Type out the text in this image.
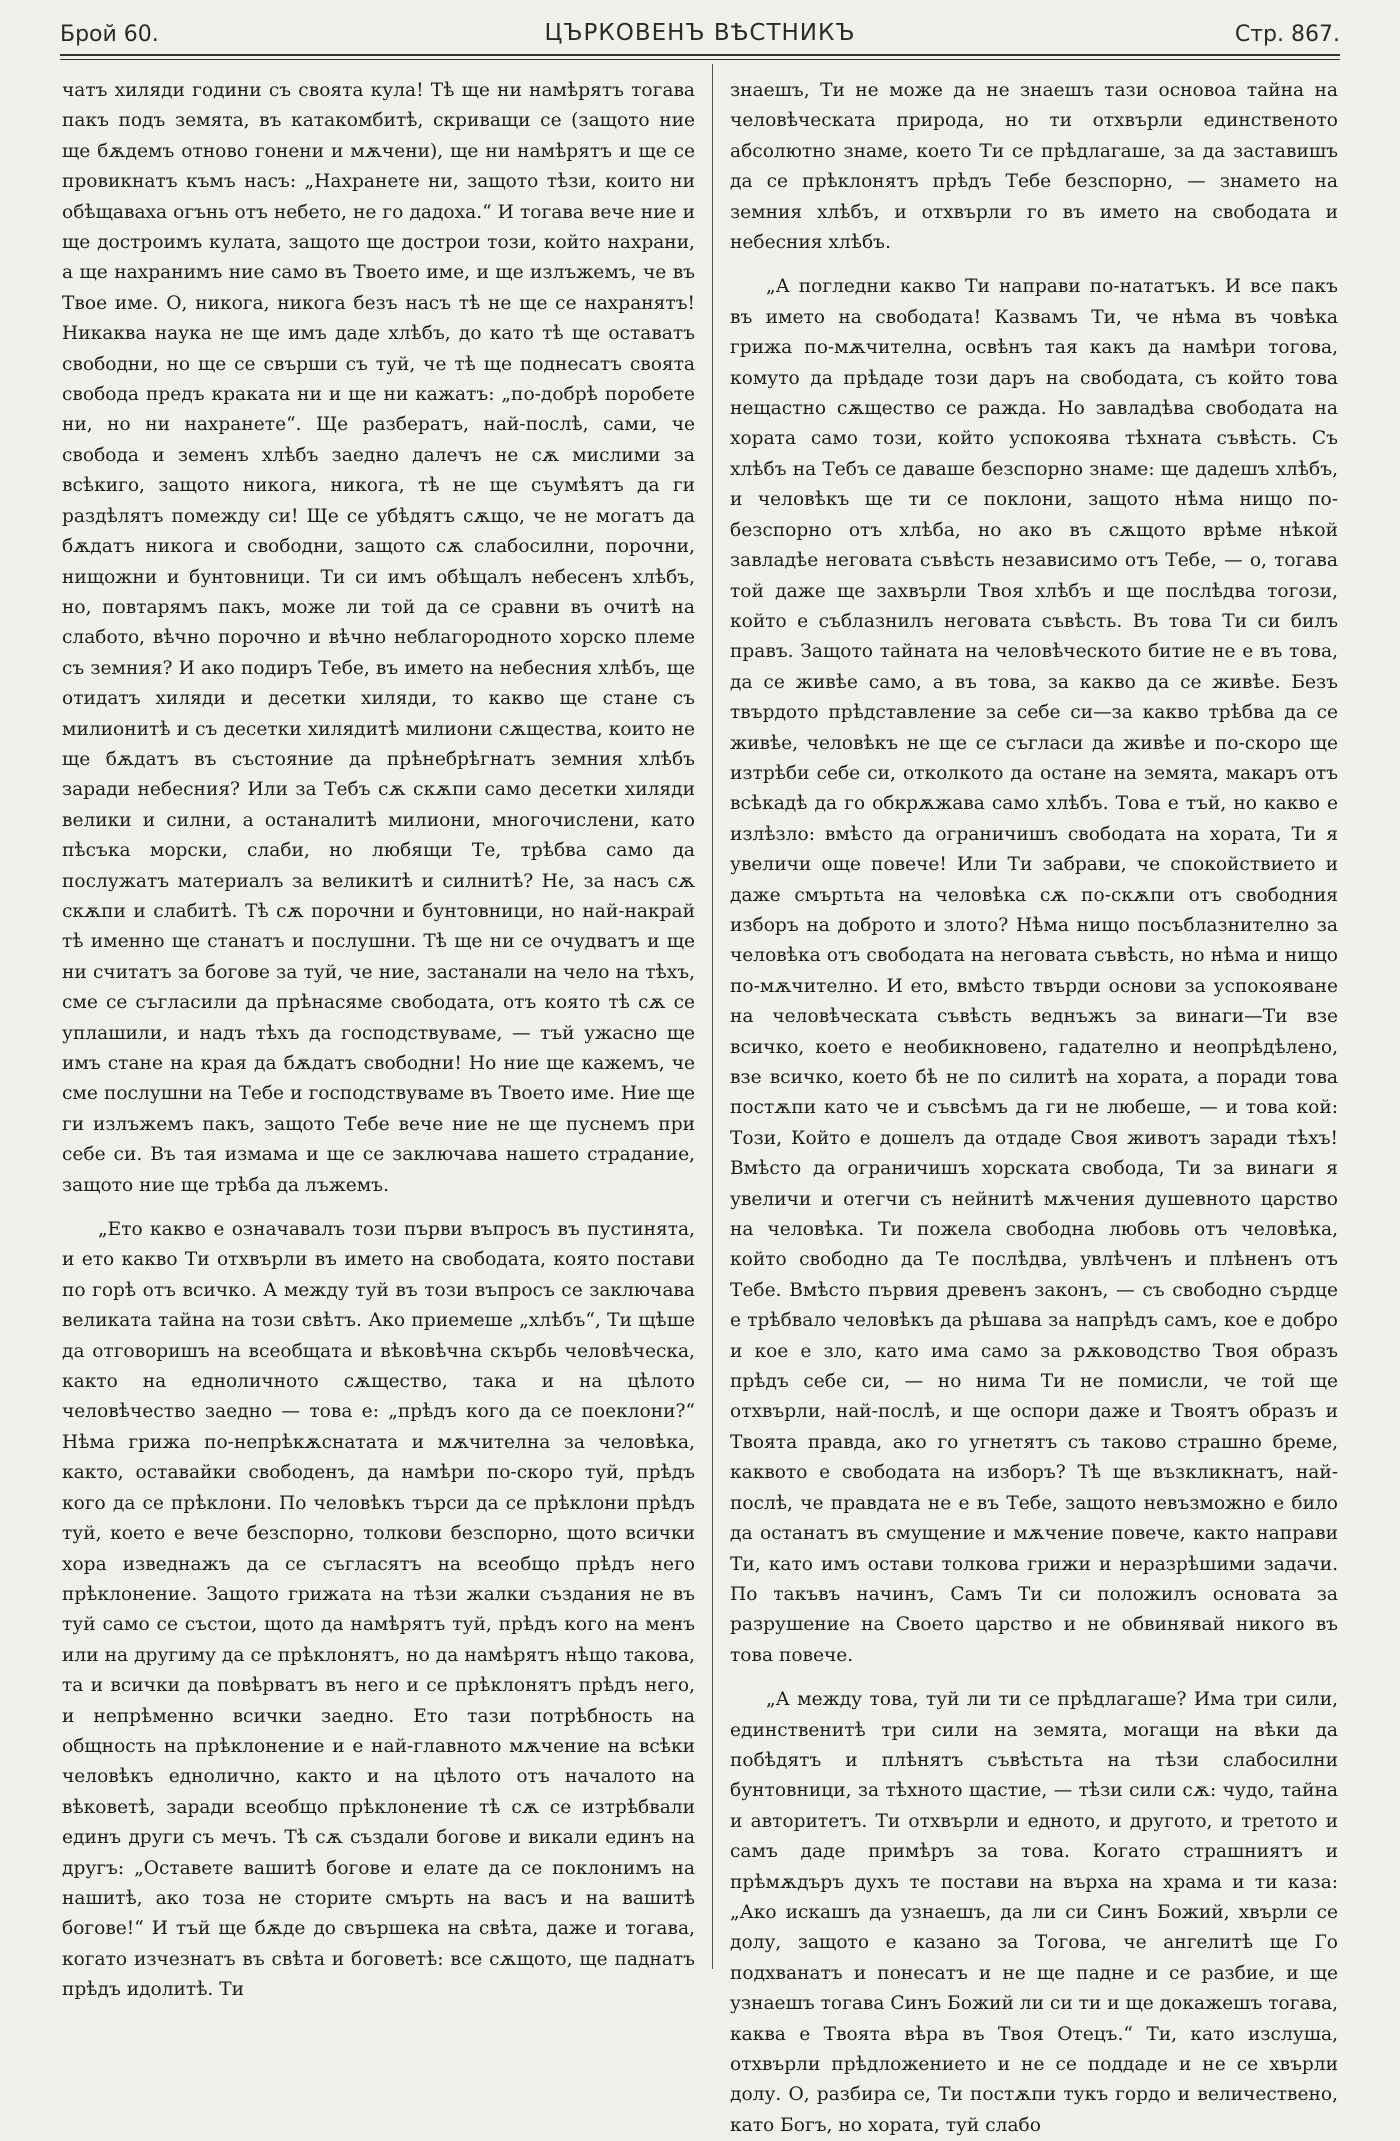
Брой 60.	ЦЪРКОВЕНЪ ВѢСТНИКЪ	Стр. 867.

чатъ хиляди години съ своята кула! Тѣ ще ни намѣрятъ тогава пакъ подъ земята, въ катакомбитѣ, скриващи се (защото ние ще бѫдемъ отново гонени и мѫчени), ще ни намѣрятъ и ще се провикнатъ къмъ насъ: „Нахранете ни, защото тѣзи, които ни обѣщаваха огънь отъ небето, не го дадоха.“ И тогава вече ние и ще достроимъ кулата, защото ще дострои този, който нахрани, а ще нахранимъ ние само въ Твоето име, и ще излъжемъ, че въ Твое име. О, никога, никога безъ насъ тѣ не ще се нахранятъ! Никаква наука не ще имъ даде хлѣбъ, до като тѣ ще оставатъ свободни, но ще се свърши съ туй, че тѣ ще поднесатъ своята свобода предъ краката ни и ще ни кажатъ: „по-добрѣ поробете ни, но ни нахранете“. Ще разбератъ, най-послѣ, сами, че свобода и земенъ хлѣбъ заедно далечъ не сѫ мислими за всѣкиго, защото никога, никога, тѣ не ще съумѣятъ да ги раздѣлятъ помежду си! Ще се убѣдятъ сѫщо, че не могатъ да бѫдатъ никога и свободни, защото сѫ слабосилни, порочни, нищожни и бунтовници. Ти си имъ обѣщалъ небесенъ хлѣбъ, но, повтарямъ пакъ, може ли той да се сравни въ очитѣ на слабото, вѣчно порочно и вѣчно неблагородното хорско племе съ земния? И ако подиръ Тебе, въ името на небесния хлѣбъ, ще отидатъ хиляди и десетки хиляди, то какво ще стане съ милионитѣ и съ десетки хилядитѣ милиони сѫщества, които не ще бѫдатъ въ състояние да прѣнебрѣгнатъ земния хлѣбъ заради небесния? Или за Тебъ сѫ скѫпи само десетки хиляди велики и силни, а останалитѣ милиони, многочислени, като пѣсъка морски, слаби, но любящи Те, трѣбва само да послужатъ материалъ за великитѣ и силнитѣ? Не, за насъ сѫ скѫпи и слабитѣ. Тѣ сѫ порочни и бунтовници, но най-накрай тѣ именно ще станатъ и послушни. Тѣ ще ни се очудватъ и ще ни считатъ за богове за туй, че ние, застанали на чело на тѣхъ, сме се съгласили да прѣнасяме свободата, отъ която тѣ сѫ се уплашили, и надъ тѣхъ да господствуваме, — тъй ужасно ще имъ стане на края да бѫдатъ свободни! Но ние ще кажемъ, че сме послушни на Тебе и господствуваме въ Твоето име. Ние ще ги излъжемъ пакъ, защото Тебе вече ние не ще пуснемъ при себе си. Въ тая измама и ще се заключава нашето страдание, защото ние ще трѣба да лъжемъ.

„Ето какво е означавалъ този първи въпросъ въ пустинята, и ето какво Ти отхвърли въ името на свободата, която постави по горѣ отъ всичко. А между туй въ този въпросъ се заключава великата тайна на този свѣтъ. Ако приемеше „хлѣбъ“, Ти щѣше да отговоришъ на всеобщата и вѣковѣчна скърбь человѣческа, както на едноличното сѫщество, така и на цѣлото человѣчество заедно — това е: „прѣдъ кого да се поеклони?“ Нѣма грижа по-непрѣкѫснатата и мѫчителна за человѣка, както, оставайки свободенъ, да намѣри по-скоро туй, прѣдъ кого да се прѣклони. По человѣкъ търси да се прѣклони прѣдъ туй, което е вече безспорно, толкови безспорно, щото всички хора изведнажъ да се съгласятъ на всеобщо прѣдъ него прѣклонение. Защото грижата на тѣзи жалки създания не въ туй само се състои, щото да намѣрятъ туй, прѣдъ кого на менъ или на другиму да се прѣклонятъ, но да намѣрятъ нѣщо такова, та и всички да повѣрватъ въ него и се прѣклонятъ прѣдъ него, и непрѣменно всички заедно. Ето тази потрѣбность на общность на прѣклонение и е най-главното мѫчение на всѣки человѣкъ еднолично, както и на цѣлото отъ началото на вѣковетѣ, заради всеобщо прѣклонение тѣ сѫ се изтрѣбвали единъ други съ мечъ. Тѣ сѫ създали богове и викали единъ на другъ: „Оставете вашитѣ богове и елате да се поклонимъ на нашитѣ, ако тоза не сторите смърть на васъ и на вашитѣ богове!“ И тъй ще бѫде до свършека на свѣта, даже и тогава, когато изчезнатъ въ свѣта и боговетѣ: все сѫщото, ще паднатъ прѣдъ идолитѣ. Ти

знаешъ, Ти не може да не знаешъ тази основоа тайна на человѣческата природа, но ти отхвърли единственото абсолютно знаме, което Ти се прѣдлагаше, за да заставишъ да се прѣклонятъ прѣдъ Тебе безспорно, — знамето на земния хлѣбъ, и отхвърли го въ името на свободата и небесния хлѣбъ.

„А погледни какво Ти направи по-нататъкъ. И все пакъ въ името на свободата! Казвамъ Ти, че нѣма въ човѣка грижа по-мѫчителна, освѣнъ тая какъ да намѣри тогова, комуто да прѣдаде този даръ на свободата, съ който това нещастно сѫщество се ражда. Но завладѣва свободата на хората само този, който успокоява тѣхната съвѣсть. Съ хлѣбъ на Тебъ се даваше безспорно знаме: ще дадешъ хлѣбъ, и человѣкъ ще ти се поклони, защото нѣма нищо по-безспорно отъ хлѣба, но ако въ сѫщото врѣме нѣкой завладѣе неговата съвѣсть независимо отъ Тебе, — о, тогава той даже ще захвърли Твоя хлѣбъ и ще послѣдва тогози, който е съблазнилъ неговата съвѣсть. Въ това Ти си билъ правъ. Защото тайната на человѣческото битие не е въ това, да се живѣе само, а въ това, за какво да се живѣе. Безъ твърдото прѣдставление за себе си—за какво трѣбва да се живѣе, человѣкъ не ще се съгласи да живѣе и по-скоро ще изтрѣби себе си, отколкото да остане на земята, макаръ отъ всѣкадѣ да го обкрѫжава само хлѣбъ. Това е тъй, но какво е излѣзло: вмѣсто да ограничишъ свободата на хората, Ти я увеличи още повече! Или Ти забрави, че спокойствието и даже смъртьта на человѣка сѫ по-скѫпи отъ свободния изборъ на доброто и злото? Нѣма нищо посъблазнително за человѣка отъ свободата на неговата съвѣсть, но нѣма и нищо по-мѫчително. И ето, вмѣсто твърди основи за успокояване на человѣческата съвѣсть веднъжъ за винаги—Ти взе всичко, което е необикновено, гадателно и неопрѣдѣлено, взе всичко, което бѣ не по силитѣ на хората, а поради това постѫпи като че и съвсѣмъ да ги не любеше, — и това кой: Този, Който е дошелъ да отдаде Своя животъ заради тѣхъ! Вмѣсто да ограничишъ хорската свобода, Ти за винаги я увеличи и отегчи съ нейнитѣ мѫчения душевното царство на человѣка. Ти пожела свободна любовь отъ человѣка, който свободно да Те послѣдва, увлѣченъ и плѣненъ отъ Тебе. Вмѣсто първия древенъ законъ, — съ свободно сърдце е трѣбвало человѣкъ да рѣшава за напрѣдъ самъ, кое е добро и кое е зло, като има само за рѫководство Твоя образъ прѣдъ себе си, — но нима Ти не помисли, че той ще отхвърли, най-послѣ, и ще оспори даже и Твоятъ образъ и Твоята правда, ако го угнетятъ съ таково страшно бреме, каквото е свободата на изборъ? Тѣ ще възкликнатъ, най-послѣ, че правдата не е въ Тебе, защото невъзможно е било да останатъ въ смущение и мѫчение повече, както направи Ти, като имъ остави толкова грижи и неразрѣшими задачи. По такъвъ начинъ, Самъ Ти си положилъ основата за разрушение на Своето царство и не обвинявай никого въ това повече.

„А между това, туй ли ти се прѣдлагаше? Има три сили, единственитѣ три сили на земята, могащи на вѣки да побѣдятъ и плѣнятъ съвѣстьта на тѣзи слабосилни бунтовници, за тѣхното щастие, — тѣзи сили сѫ: чудо, тайна и авторитетъ. Ти отхвърли и едното, и другото, и третото и самъ даде примѣръ за това. Когато страшниятъ и прѣмѫдъръ духъ те постави на върха на храма и ти каза: „Ако искашъ да узнаешъ, да ли си Синъ Божий, хвърли се долу, защото е казано за Тогова, че ангелитѣ ще Го подхванатъ и понесатъ и не ще падне и се разбие, и ще узнаешъ тогава Синъ Божий ли си ти и ще докажешъ тогава, каква е Твоята вѣра въ Твоя Отецъ.“ Ти, като изслуша, отхвърли прѣдложението и не се поддаде и не се хвърли долу. О, разбира се, Ти постѫпи тукъ гордо и величествено, като Богъ, но хората, туй слабо
